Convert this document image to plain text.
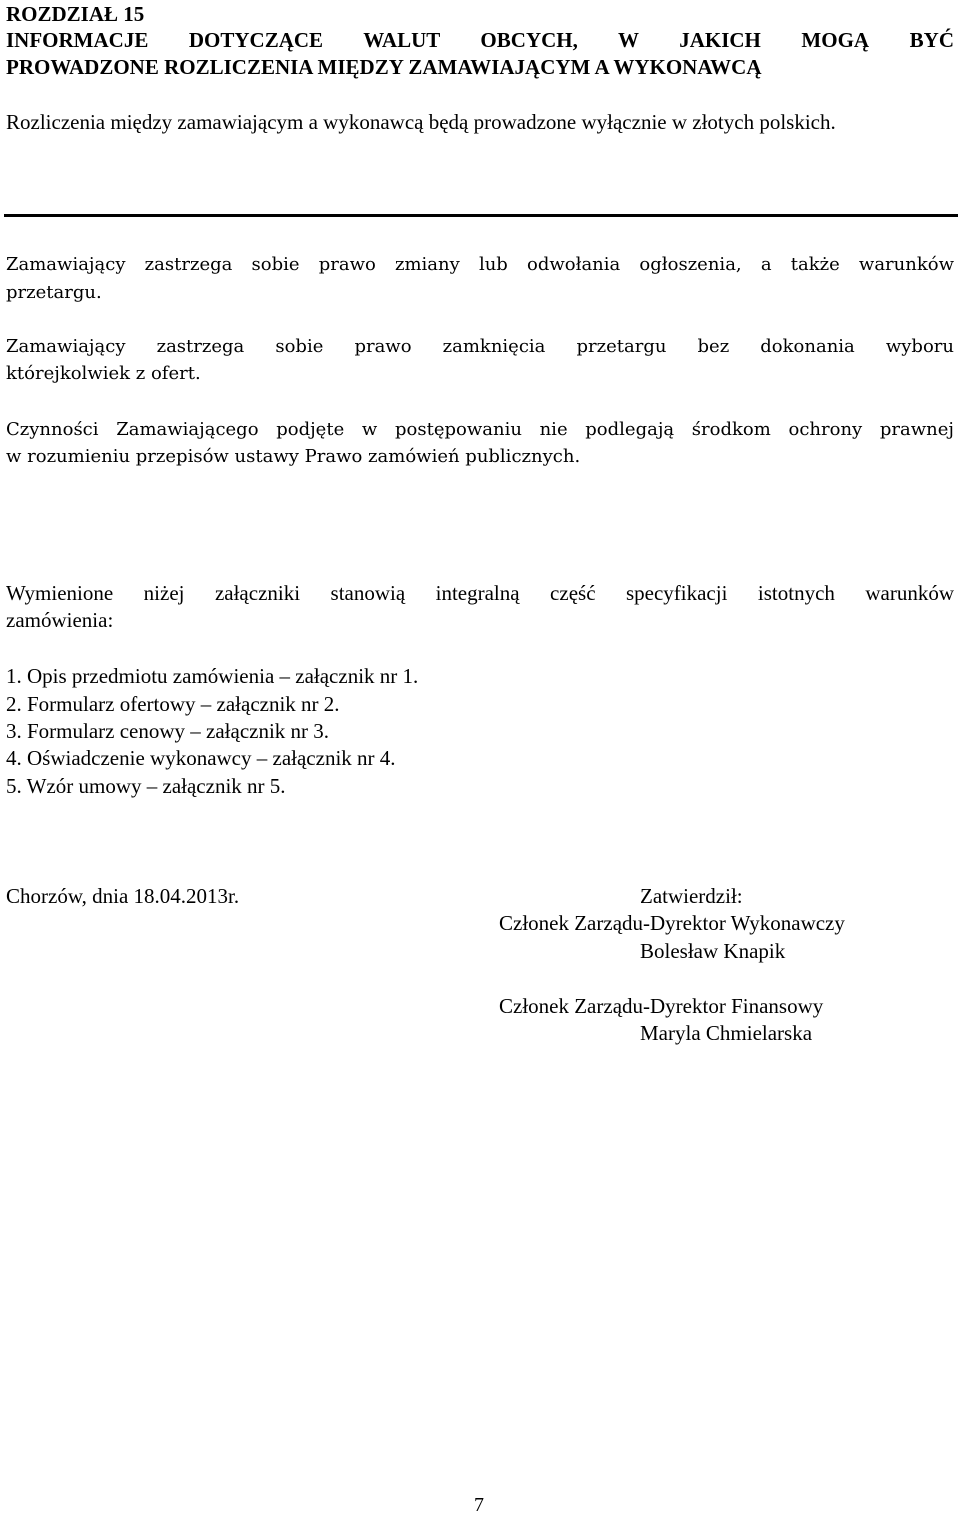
ROZDZIAŁ 15
INFORMACJE DOTYCZĄCE WALUT OBCYCH, W JAKICH MOGĄ BYĆ
PROWADZONE ROZLICZENIA MIĘDZY ZAMAWIAJĄCYM A WYKONAWCĄ
Rozliczenia między zamawiającym a wykonawcą będą prowadzone wyłącznie w złotych polskich.
Zamawiający zastrzega sobie prawo zmiany lub odwołania ogłoszenia, a także warunków
przetargu.
Zamawiający zastrzega sobie prawo zamknięcia przetargu bez dokonania wyboru
którejkolwiek z ofert.
Czynności Zamawiającego podjęte w postępowaniu nie podlegają środkom ochrony prawnej
w rozumieniu przepisów ustawy Prawo zamówień publicznych.
Wymienione niżej załączniki stanowią integralną część specyfikacji istotnych warunków
zamówienia:
1. Opis przedmiotu zamówienia – załącznik nr 1.
2. Formularz ofertowy – załącznik nr 2.
3. Formularz cenowy – załącznik nr 3.
4. Oświadczenie wykonawcy – załącznik nr 4.
5. Wzór umowy – załącznik nr 5.
Chorzów, dnia 18.04.2013r.	Zatwierdził:
Członek Zarządu-Dyrektor Wykonawczy
Bolesław Knapik
Członek Zarządu-Dyrektor Finansowy
Maryla Chmielarska
7
